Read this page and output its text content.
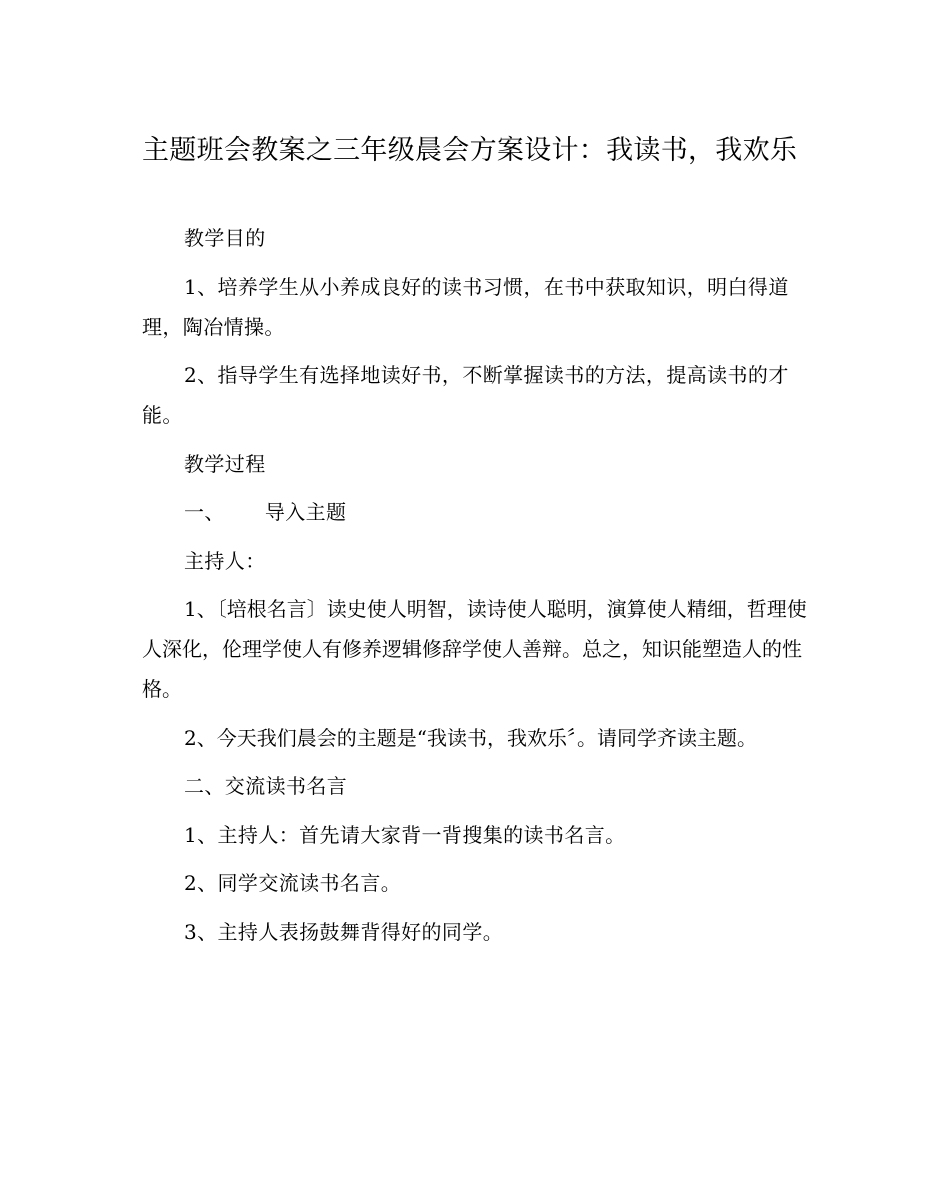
主题班会教案之三年级晨会方案设计：我读书，我欢乐

教学目的

1、培养学生从小养成良好的读书习惯，在书中获取知识，明白得道理，陶冶情操。

2、指导学生有选择地读好书，不断掌握读书的方法，提高读书的才能。

教学过程

一、 导入主题

主持人：

1、〔培根名言〕读史使人明智，读诗使人聪明，演算使人精细，哲理使人深化，伦理学使人有修养逻辑修辞学使人善辩。总之，知识能塑造人的性格。

2、今天我们晨会的主题是“我读书，我欢乐〞。请同学齐读主题。

二、交流读书名言

1、主持人：首先请大家背一背搜集的读书名言。

2、同学交流读书名言。

3、主持人表扬鼓舞背得好的同学。
